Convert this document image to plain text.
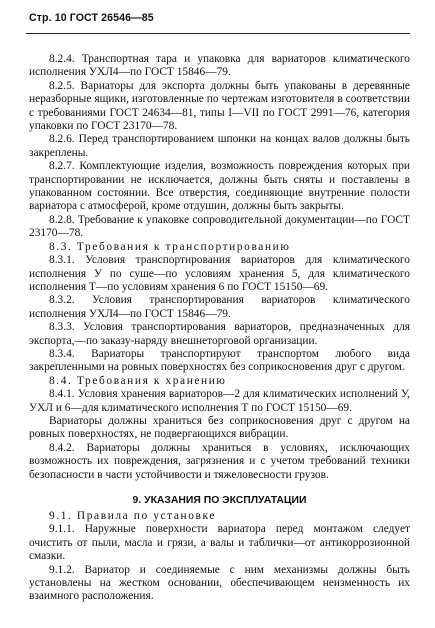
Стр. 10 ГОСТ 26546—85

8.2.4. Транспортная тара и упаковка для вариаторов климатического исполнения УХЛ4—по ГОСТ 15846—79.

8.2.5. Вариаторы для экспорта должны быть упакованы в деревянные неразборные ящики, изготовленные по чертежам изготовителя в соответствии с требованиями ГОСТ 24634—81, типы I—VII по ГОСТ 2991—76, категория упаковки по ГОСТ 23170—78.

8.2.6. Перед транспортированием шпонки на концах валов должны быть закреплены.

8.2.7. Комплектующие изделия, возможность повреждения которых при транспортировании не исключается, должны быть сняты и поставлены в упакованном состоянии. Все отверстия, соединяющие внутренние полости вариатора с атмосферой, кроме отдушин, должны быть закрыты.

8.2.8. Требование к упаковке сопроводительной документации—по ГОСТ 23170—78.

8.3. Требования к транспортированию

8.3.1. Условия транспортирования вариаторов для климатического исполнения У по суше—по условиям хранения 5, для климатического исполнения Т—по условиям хранения 6 по ГОСТ 15150—69.

8.3.2. Условия транспортирования вариаторов климатического исполнения УХЛ4—по ГОСТ 15846—79.

8.3.3. Условия транспортирования вариаторов, предназначенных для экспорта,—по заказу-наряду внешнеторговой организации.

8.3.4. Вариаторы транспортируют транспортом любого вида закрепленными на ровных поверхностях без соприкосновения друг с другом.

8.4. Требования к хранению

8.4.1. Условия хранения вариаторов—2 для климатических исполнений У, УХЛ и 6—для климатического исполнения Т по ГОСТ 15150—69.

Вариаторы должны храниться без соприкосновения друг с другом на ровных поверхностях, не подвергающихся вибрации.

8.4.2. Вариаторы должны храниться в условиях, исключающих возможность их повреждения, загрязнения и с учетом требований техники безопасности в части устойчивости и тяжеловесности грузов.

9. УКАЗАНИЯ ПО ЭКСПЛУАТАЦИИ

9.1. Правила по установке

9.1.1. Наружные поверхности вариатора перед монтажом следует очистить от пыли, масла и грязи, а валы и таблички—от антикоррозионной смазки.

9.1.2. Вариатор и соединяемые с ним механизмы должны быть установлены на жестком основании, обеспечивающем неизменность их взаимного расположения.
